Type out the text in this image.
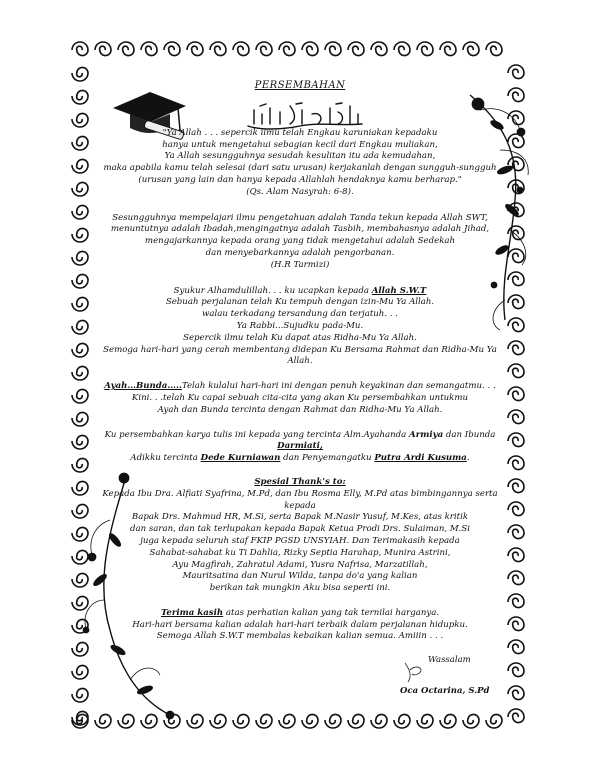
PERSEMBAHAN

"Ya Allah . . . sepercik ilmu telah Engkau karuniakan kepadaku

hanya untuk mengetahui sebagian kecil dari Engkau muliakan,

Ya Allah sesungguhnya sesudah kesulitan itu ada kemudahan,

maka apabila kamu telah selesai (dari satu urusan) kerjakanlah dengan sungguh-sungguh

(urusan yang lain dan hanya kepada Allahlah hendaknya kamu berharap."

(Qs. Alam Nasyrah: 6-8).

Sesungguhnya mempelajari ilmu pengetahuan adalah Tanda tekun kepada Allah SWT,

menuntutnya adalah Ibadah,mengingatnya adalah Tasbih, membahasnya adalah Jihad,

mengajarkannya kepada orang yang tidak mengetahui adalah Sedekah

dan menyebarkannya adalah pengorbanan.

(H.R Tarmizi)

Syukur Alhamdulillah. . . ku ucapkan kepada Allah S.W.T

Sebuah perjalanan telah Ku tempuh dengan izin-Mu Ya Allah.

walau terkadang tersandung dan terjatuh. . .

Ya Rabbi...Sujudku pada-Mu.

Sepercik ilmu telah Ku dapat atas Ridha-Mu Ya Allah.

Semoga hari-hari yang cerah membentang didepan Ku Bersama Rahmat dan Ridha-Mu Ya Allah.

Ayah…Bunda…..Telah kulalui hari-hari ini dengan penuh keyakinan dan semangatmu. . .

Kini. . .telah Ku capai sebuah cita-cita yang akan Ku persembahkan untukmu

Ayah dan Bunda tercinta dengan Rahmat dan Ridha-Mu Ya Allah.

Ku persembahkan karya tulis ini kepada yang tercinta Alm.Ayahanda Armiya dan Ibunda Darmiati,

Adikku tercinta Dede Kurniawan dan Penyemangatku Putra Ardi Kusuma.

Spesial Thank's to:

Kepada Ibu Dra. Alfiati Syafrina, M.Pd, dan Ibu Rosma Elly, M.Pd atas bimbingannya serta kepada

Bapak Drs. Mahmud HR, M.Si, serta Bapak M.Nasir Yusuf, M.Kes, atas kritik

dan saran, dan tak terlupakan kepada Bapak Ketua Prodi Drs. Sulaiman, M.Si

juga kepada seluruh staf FKIP PGSD UNSYIAH. Dan Terimakasih kepada

Sahabat-sahabat ku Ti Dahlia, Rizky Septia Harahap, Munira Astrini,

Ayu Magfirah, Zahratul Adami, Yusra Nafrisa, Marzatillah,

Mauritsatina dan Nurul Wilda, tanpa do'a yang kalian

berikan tak mungkin Aku bisa seperti ini.

Terima kasih atas perhatian kalian yang tak ternilai harganya.

Hari-hari bersama kalian adalah hari-hari terbaik dalam perjalanan hidupku.

Semoga Allah S.W.T membalas kebaikan kalian semua. Amiiin . . .

Wassalam
Oca Octarina, S.Pd
